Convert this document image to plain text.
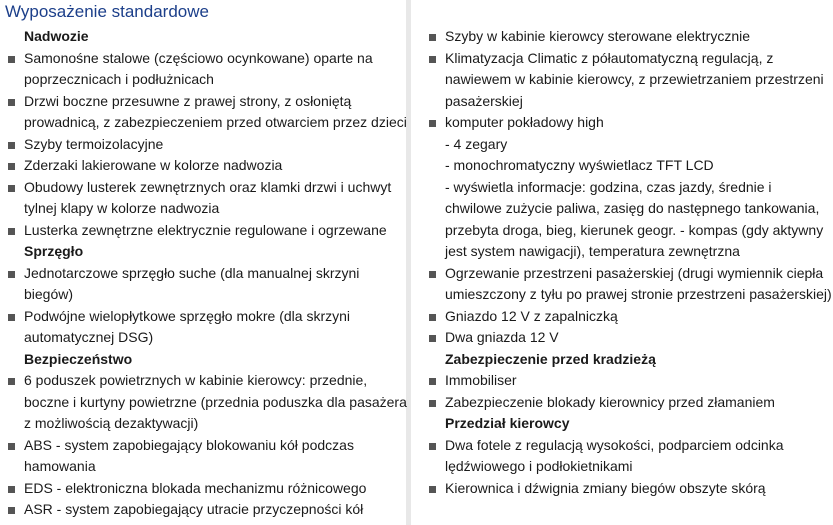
Wyposażenie standardowe
Nadwozie
Samonośne stalowe (częściowo ocynkowane) oparte na
poprzecznicach i podłużnicach
Drzwi boczne przesuwne z prawej strony, z osłoniętą
prowadnicą, z zabezpieczeniem przed otwarciem przez dzieci
Szyby termoizolacyjne
Zderzaki lakierowane w kolorze nadwozia
Obudowy lusterek zewnętrznych oraz klamki drzwi i uchwyt
tylnej klapy w kolorze nadwozia
Lusterka zewnętrzne elektrycznie regulowane i ogrzewane
Sprzęgło
Jednotarczowe sprzęgło suche (dla manualnej skrzyni
biegów)
Podwójne wielopłytkowe sprzęgło mokre (dla skrzyni
automatycznej DSG)
Bezpieczeństwo
6 poduszek powietrznych w kabinie kierowcy: przednie,
boczne i kurtyny powietrzne (przednia poduszka dla pasażera
z możliwością dezaktywacji)
ABS - system zapobiegający blokowaniu kół podczas
hamowania
EDS - elektroniczna blokada mechanizmu różnicowego
ASR - system zapobiegający utracie przyczepności kół
Szyby w kabinie kierowcy sterowane elektrycznie
Klimatyzacja Climatic z półautomatyczną regulacją, z
nawiewem w kabinie kierowcy, z przewietrzaniem przestrzeni
pasażerskiej
komputer pokładowy high
- 4 zegary
- monochromatyczny wyświetlacz TFT LCD
- wyświetla informacje: godzina, czas jazdy, średnie i
chwilowe zużycie paliwa, zasięg do następnego tankowania,
przebyta droga, bieg, kierunek geogr. - kompas (gdy aktywny
jest system nawigacji), temperatura zewnętrzna
Ogrzewanie przestrzeni pasażerskiej (drugi wymiennik ciepła
umieszczony z tyłu po prawej stronie przestrzeni pasażerskiej)
Gniazdo 12 V z zapalniczką
Dwa gniazda 12 V
Zabezpieczenie przed kradzieżą
Immobiliser
Zabezpieczenie blokady kierownicy przed złamaniem
Przedział kierowcy
Dwa fotele z regulacją wysokości, podparciem odcinka
lędźwiowego i podłokietnikami
Kierownica i dźwignia zmiany biegów obszyte skórą
